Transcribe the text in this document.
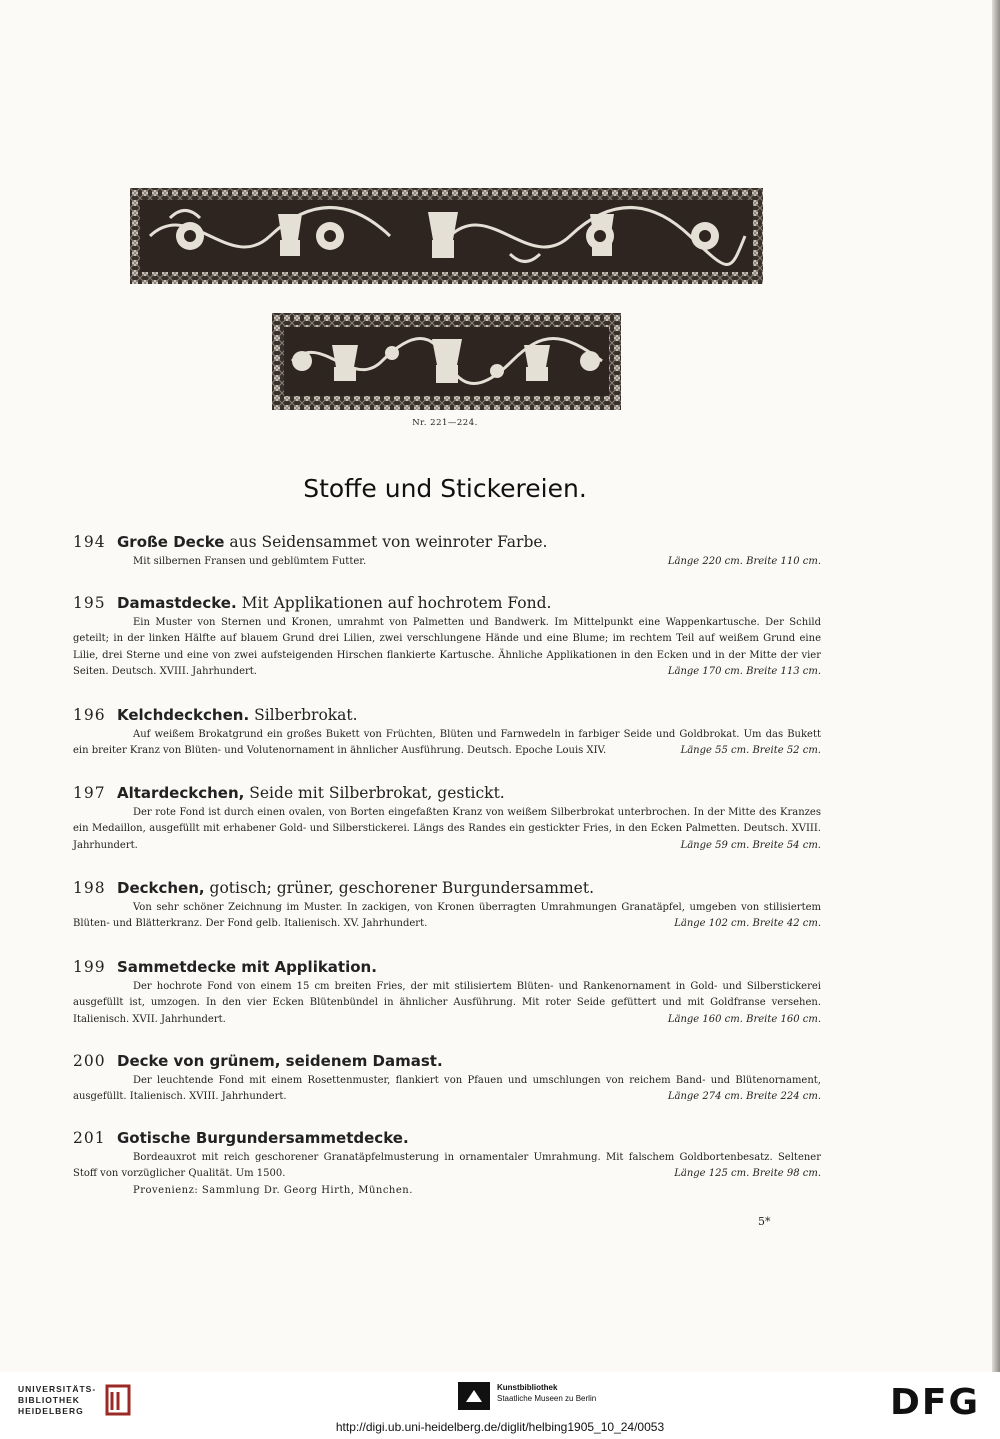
Nr. 221—224.
Stoffe und Stickereien.
194 Große Decke aus Seidensammet von weinroter Farbe.
Länge 220 cm. Breite 110 cm.
Mit silbernen Fransen und geblümtem Futter.
195 Damastdecke. Mit Applikationen auf hochrotem Fond.
Ein Muster von Sternen und Kronen, umrahmt von Palmetten und Bandwerk. Im Mittelpunkt eine Wappenkartusche. Der Schild geteilt; in der linken Hälfte auf blauem Grund drei Lilien, zwei verschlungene Hände und eine Blume; im rechtem Teil auf weißem Grund eine Lilie, drei Sterne und eine von zwei aufsteigenden Hirschen flankierte Kartusche. Ähnliche Applikationen in den Ecken und in der Mitte der vier Seiten. Deutsch. XVIII. Jahrhundert.	Länge 170 cm. Breite 113 cm.
196 Kelchdeckchen. Silberbrokat.
Auf weißem Brokatgrund ein großes Bukett von Früchten, Blüten und Farnwedeln in farbiger Seide und Goldbrokat. Um das Bukett ein breiter Kranz von Blüten- und Volutenornament in ähnlicher Ausführung. Deutsch. Epoche Louis XIV.	Länge 55 cm. Breite 52 cm.
197 Altardeckchen, Seide mit Silberbrokat, gestickt.
Der rote Fond ist durch einen ovalen, von Borten eingefaßten Kranz von weißem Silberbrokat unterbrochen. In der Mitte des Kranzes ein Medaillon, ausgefüllt mit erhabener Gold- und Silberstickerei. Längs des Randes ein gestickter Fries, in den Ecken Palmetten. Deutsch. XVIII. Jahrhundert.	Länge 59 cm. Breite 54 cm.
198 Deckchen, gotisch; grüner, geschorener Burgundersammet.
Von sehr schöner Zeichnung im Muster. In zackigen, von Kronen überragten Umrahmungen Granatäpfel, umgeben von stilisiertem Blüten- und Blätterkranz. Der Fond gelb. Italienisch. XV. Jahrhundert.	Länge 102 cm. Breite 42 cm.
199 Sammetdecke mit Applikation.
Der hochrote Fond von einem 15 cm breiten Fries, der mit stilisiertem Blüten- und Rankenornament in Gold- und Silberstickerei ausgefüllt ist, umzogen. In den vier Ecken Blütenbündel in ähnlicher Ausführung. Mit roter Seide gefüttert und mit Goldfranse versehen. Italienisch. XVII. Jahrhundert.	Länge 160 cm. Breite 160 cm.
200 Decke von grünem, seidenem Damast.
Der leuchtende Fond mit einem Rosettenmuster, flankiert von Pfauen und umschlungen von reichem Band- und Blütenornament, ausgefüllt. Italienisch. XVIII. Jahrhundert.	Länge 274 cm. Breite 224 cm.
201 Gotische Burgundersammetdecke.
Bordeauxrot mit reich geschorener Granatäpfelmusterung in ornamentaler Umrahmung. Mit falschem Goldbortenbesatz. Seltener Stoff von vorzüglicher Qualität. Um 1500.	Länge 125 cm. Breite 98 cm.
Provenienz: Sammlung Dr. Georg Hirth, München.
5*
UNIVERSITÄTS-
BIBLIOTHEK
HEIDELBERG
Kunstbibliothek
Staatliche Museen zu Berlin	DFG
http://digi.ub.uni-heidelberg.de/diglit/helbing1905_10_24/0053
